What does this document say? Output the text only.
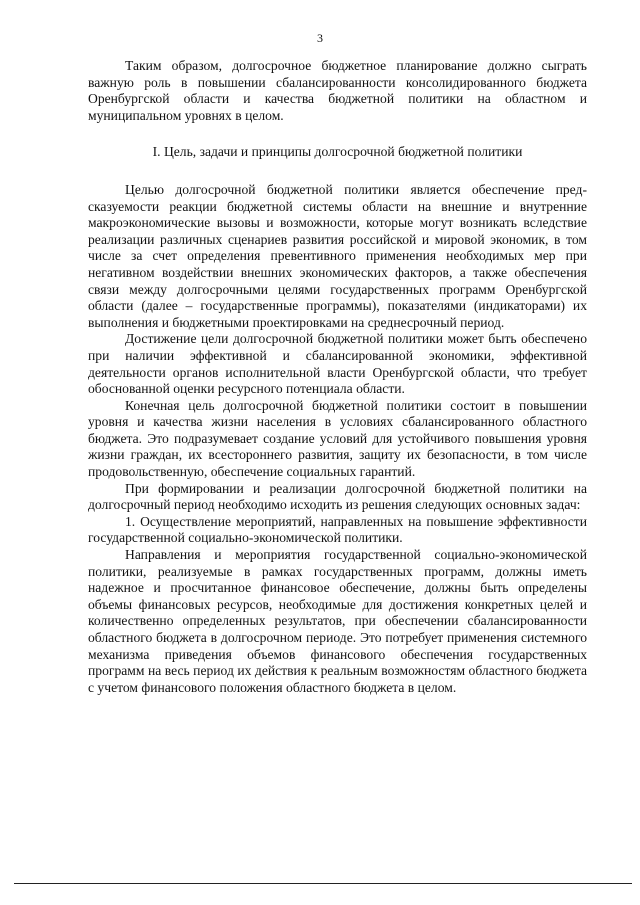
3

Таким образом, долгосрочное бюджетное планирование должно сыграть важную роль в повышении сбалансированности консолидированного бюджета Оренбургской области и качества бюджетной политики на областном и муниципальном уровнях в целом.

I. Цель, задачи и принципы долгосрочной бюджетной политики

Целью долгосрочной бюджетной политики является обеспечение предсказуемости реакции бюджетной системы области на внешние и внутренние макроэкономические вызовы и возможности, которые могут возникать вследствие реализации различных сценариев развития российской и мировой экономик, в том числе за счет определения превентивного применения необходимых мер при негативном воздействии внешних экономических факторов, а также обеспечения связи между долгосрочными целями государственных программ Оренбургской области (далее – государственные программы), показателями (индикаторами) их выполнения и бюджетными проектировками на среднесрочный период.

Достижение цели долгосрочной бюджетной политики может быть обеспечено при наличии эффективной и сбалансированной экономики, эффективной деятельности органов исполнительной власти Оренбургской области, что требует обоснованной оценки ресурсного потенциала области.

Конечная цель долгосрочной бюджетной политики состоит в повышении уровня и качества жизни населения в условиях сбалансированного областного бюджета. Это подразумевает создание условий для устойчивого повышения уровня жизни граждан, их всестороннего развития, защиту их безопасности, в том числе продовольственную, обеспечение социальных гарантий.

При формировании и реализации долгосрочной бюджетной политики на долгосрочный период необходимо исходить из решения следующих основных задач:

1. Осуществление мероприятий, направленных на повышение эффективности государственной социально-экономической политики.

Направления и мероприятия государственной социально-экономической политики, реализуемые в рамках государственных программ, должны иметь надежное и просчитанное финансовое обеспечение, должны быть определены объемы финансовых ресурсов, необходимые для достижения конкретных целей и количественно определенных результатов, при обеспечении сбалансированности областного бюджета в долгосрочном периоде. Это потребует применения системного механизма приведения объемов финансового обеспечения государственных программ на весь период их действия к реальным возможностям областного бюджета с учетом финансового положения областного бюджета в целом.
